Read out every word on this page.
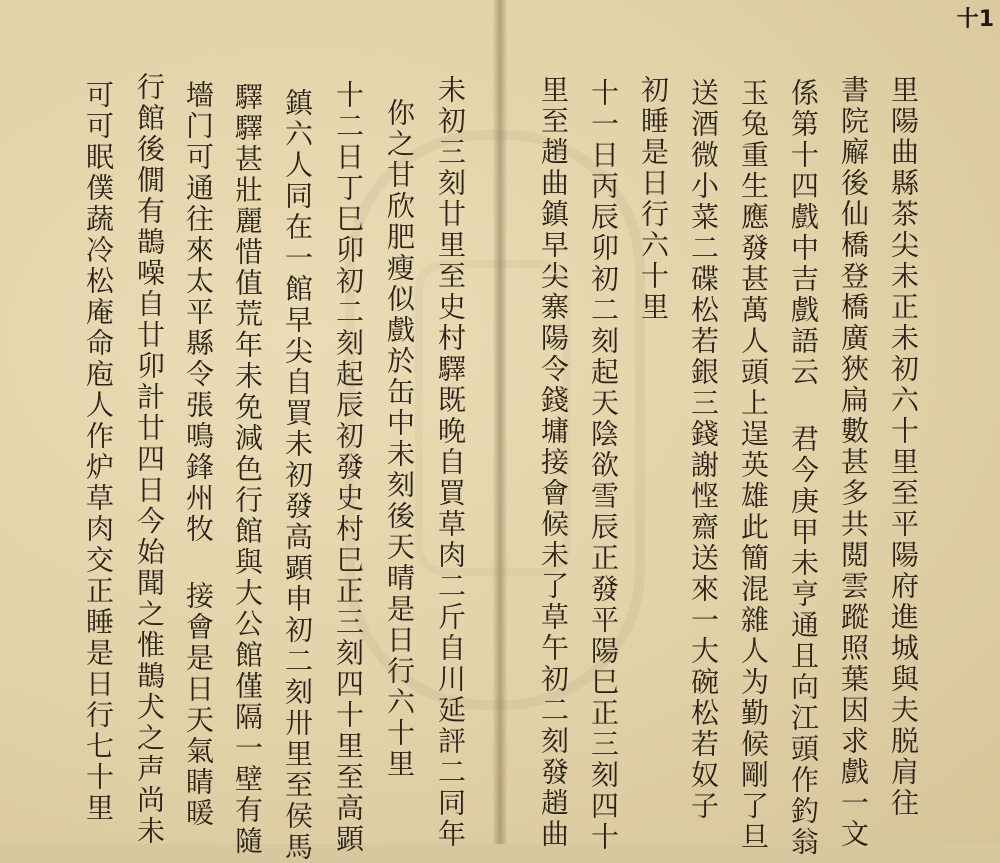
十1
未初三刻廿里至史村驛既晚自買草肉二斤自川延評二同年
你之甘欣肥瘦似戲於缶中未刻後天晴是日行六十里
十二日丁巳卯初二刻起辰初發史村巳正三刻四十里至高顕
鎮六人同在一館早尖自買未初發高顕申初二刻卅里至侯馬
驛驛甚壯麗惜值荒年未免減色行館與大公館僅隔一壁有隨
墻门可通往來太平縣令張鳴鋒州牧 接會是日天氣睛暖
行館後僩有鵲噪自廿卯計廿四日今始聞之惟鵲犬之声尚未
可可眠僕蔬冷松庵命庖人作炉草肉交正睡是日行七十里	里陽曲縣茶尖未正未初六十里至平陽府進城與夫脱肩往
書院廨後仙橋登橋廣狹扁數甚多共閲雲蹤照葉因求戲一文
係第十四戲中吉戲語云 君今庚甲未亨通且向江頭作釣翁
玉兔重生應發甚萬人頭上逞英雄此簡混雜人为勤候剛了旦
送酒微小菜二碟松若銀三錢謝悭齋送來一大碗松若奴子
初睡是日行六十里
十一日丙辰卯初二刻起天陰欲雪辰正發平陽巳正三刻四十
里至趙曲鎮早尖寨陽令錢墉接會候未了草午初二刻發趙曲
